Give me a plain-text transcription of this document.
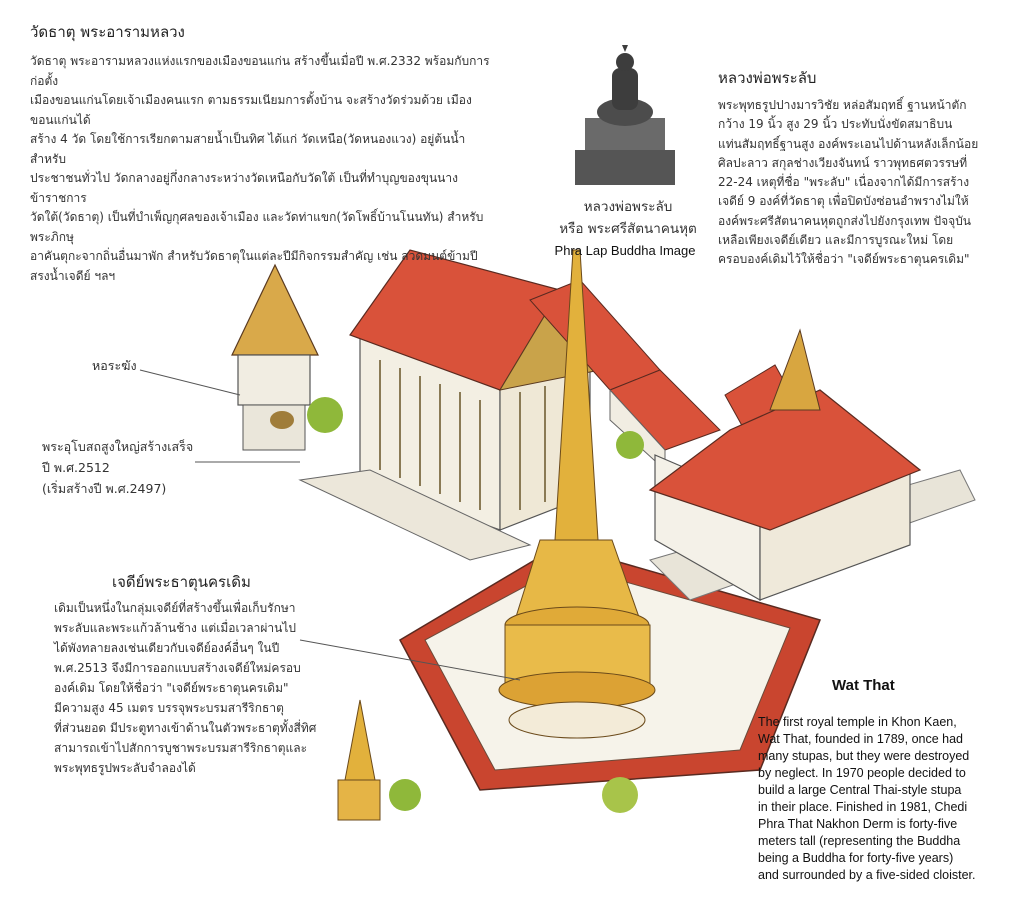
วัดธาตุ พระอารามหลวง
วัดธาตุ พระอารามหลวงแห่งแรกของเมืองขอนแก่น สร้างขึ้นเมื่อปี พ.ศ.2332 พร้อมกับการก่อตั้ง
เมืองขอนแก่นโดยเจ้าเมืองคนแรก ตามธรรมเนียมการตั้งบ้าน จะสร้างวัดร่วมด้วย เมืองขอนแก่นได้
สร้าง 4 วัด โดยใช้การเรียกตามสายน้ำเป็นทิศ ได้แก่ วัดเหนือ(วัดหนองแวง) อยู่ต้นน้ำ สำหรับ
ประชาชนทั่วไป วัดกลางอยู่กึ่งกลางระหว่างวัดเหนือกับวัดใต้ เป็นที่ทำบุญของขุนนาง ข้าราชการ
วัดใต้(วัดธาตุ) เป็นที่บำเพ็ญกุศลของเจ้าเมือง และวัดท่าแขก(วัดโพธิ์บ้านโนนทัน) สำหรับพระภิกษุ
อาคันตุกะจากถิ่นอื่นมาพัก สำหรับวัดธาตุในแต่ละปีมีกิจกรรมสำคัญ เช่น สวดมนต์ข้ามปี
สรงน้ำเจดีย์ ฯลฯ
หลวงพ่อพระลับ
หรือ พระศรีสัตนาคนหุต
Phra Lap Buddha Image
หลวงพ่อพระลับ
พระพุทธรูปปางมารวิชัย หล่อสัมฤทธิ์ ฐานหน้าตัก
กว้าง 19 นิ้ว สูง 29 นิ้ว ประทับนั่งขัดสมาธิบน
แท่นสัมฤทธิ์ฐานสูง องค์พระเอนไปด้านหลังเล็กน้อย
ศิลปะลาว สกุลช่างเวียงจันทน์ ราวพุทธศตวรรษที่
22-24 เหตุที่ชื่อ "พระลับ" เนื่องจากได้มีการสร้าง
เจดีย์ 9 องค์ที่วัดธาตุ เพื่อปิดบังซ่อนอำพรางไม่ให้
องค์พระศรีสัตนาคนหุตถูกส่งไปยังกรุงเทพ ปัจจุบัน
เหลือเพียงเจดีย์เดียว และมีการบูรณะใหม่ โดย
ครอบองค์เดิมไว้ให้ชื่อว่า "เจดีย์พระธาตุนครเดิม"
หอระฆัง
พระอุโบสถสูงใหญ่สร้างเสร็จ
ปี พ.ศ.2512
(เริ่มสร้างปี พ.ศ.2497)
เจดีย์พระธาตุนครเดิม
เดิมเป็นหนึ่งในกลุ่มเจดีย์ที่สร้างขึ้นเพื่อเก็บรักษา
พระลับและพระแก้วล้านช้าง แต่เมื่อเวลาผ่านไป
ได้พังทลายลงเช่นเดียวกับเจดีย์องค์อื่นๆ ในปี
พ.ศ.2513 จึงมีการออกแบบสร้างเจดีย์ใหม่ครอบ
องค์เดิม โดยให้ชื่อว่า "เจดีย์พระธาตุนครเดิม"
มีความสูง 45 เมตร บรรจุพระบรมสารีริกธาตุ
ที่ส่วนยอด มีประตูทางเข้าด้านในตัวพระธาตุทั้งสี่ทิศ
สามารถเข้าไปสักการบูชาพระบรมสารีริกธาตุและ
พระพุทธรูปพระลับจำลองได้
Wat That
The first royal temple in Khon Kaen,
Wat That, founded in 1789, once had
many stupas, but they were destroyed
by neglect. In 1970 people decided to
build a large Central Thai-style stupa
in their place. Finished in 1981, Chedi
Phra That Nakhon Derm is forty-five
meters tall (representing the Buddha
being a Buddha for forty-five years)
and surrounded by a five-sided cloister.
